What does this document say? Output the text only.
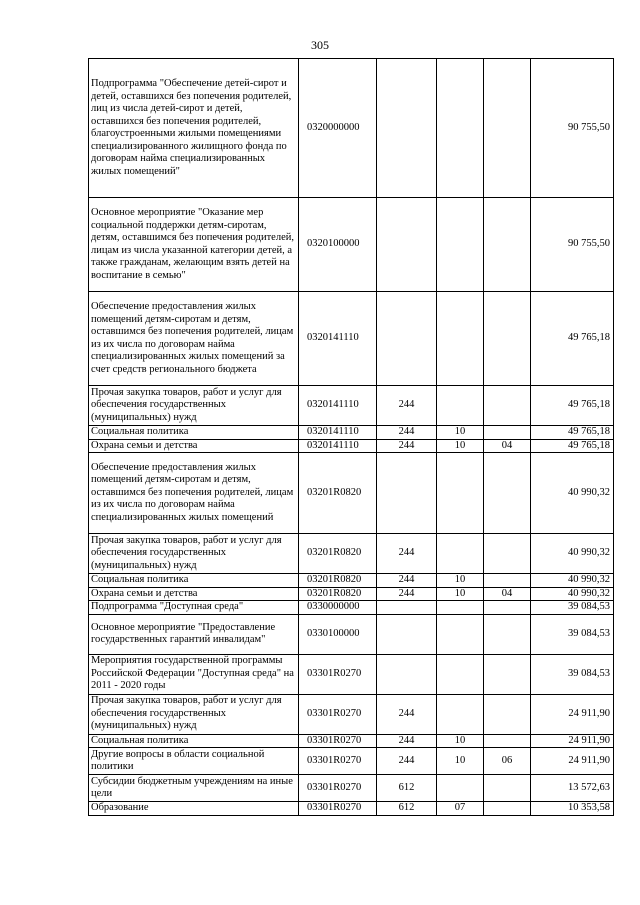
305
Подпрограмма "Обеспечение детей-сирот и детей, оставшихся без попечения родителей, лиц из числа детей-сирот и детей, оставшихся без попечения родителей, благоустроенными жилыми помещениями специализированного жилищного фонда по договорам найма специализированных жилых помещений"	0320000000				90 755,50
Основное мероприятие "Оказание мер социальной поддержки детям-сиротам, детям, оставшимся без попечения родителей, лицам из числа указанной категории детей, а также гражданам, желающим взять детей на воспитание в семью"	0320100000				90 755,50
Обеспечение предоставления жилых помещений детям-сиротам и детям, оставшимся без попечения родителей, лицам из их числа по договорам найма специализированных жилых помещений за счет средств регионального бюджета	0320141110				49 765,18
Прочая закупка товаров, работ и услуг для обеспечения государственных (муниципальных) нужд	0320141110	244			49 765,18
Социальная политика	0320141110	244	10		49 765,18
Охрана семьи и детства	0320141110	244	10	04	49 765,18
Обеспечение предоставления жилых помещений детям-сиротам и детям, оставшимся без попечения родителей, лицам из их числа по договорам найма специализированных жилых помещений	03201R0820				40 990,32
Прочая закупка товаров, работ и услуг для обеспечения государственных (муниципальных) нужд	03201R0820	244			40 990,32
Социальная политика	03201R0820	244	10		40 990,32
Охрана семьи и детства	03201R0820	244	10	04	40 990,32
Подпрограмма "Доступная среда"	0330000000				39 084,53
Основное мероприятие "Предоставление государственных гарантий инвалидам"	0330100000				39 084,53
Мероприятия государственной программы Российской Федерации "Доступная среда" на 2011 - 2020 годы	03301R0270				39 084,53
Прочая закупка товаров, работ и услуг для обеспечения государственных (муниципальных) нужд	03301R0270	244			24 911,90
Социальная политика	03301R0270	244	10		24 911,90
Другие вопросы в области социальной политики	03301R0270	244	10	06	24 911,90
Субсидии бюджетным учреждениям на иные цели	03301R0270	612			13 572,63
Образование	03301R0270	612	07		10 353,58
